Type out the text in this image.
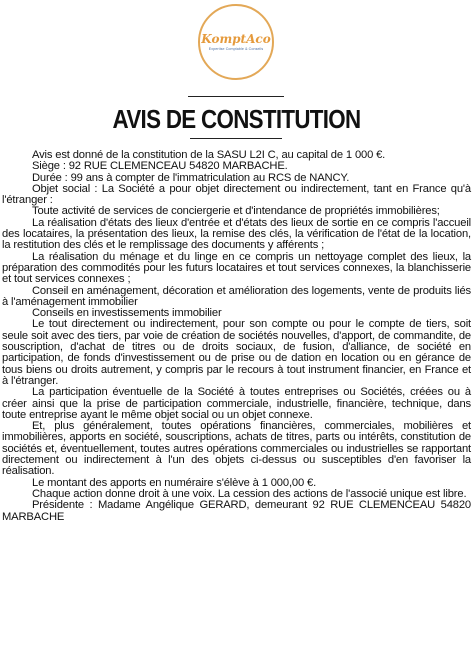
KomptAco
Expertise Comptable & Conseils
AVIS DE CONSTITUTION

Avis est donné de la constitution de la SASU L2I C, au capital de 1 000 €.

Siège : 92 RUE CLEMENCEAU 54820 MARBACHE.

Durée : 99 ans à compter de l'immatriculation au RCS de NANCY.

Objet social : La Société a pour objet directement ou indirectement, tant en France qu'à l'étranger :

Toute activité de services de conciergerie et d'intendance de propriétés immobilières;

La réalisation d'états des lieux d'entrée et d'états des lieux de sortie en ce compris l'accueil des locataires, la présentation des lieux, la remise des clés, la vérification de l'état de la location, la restitution des clés et le remplissage des documents y afférents ;

La réalisation du ménage et du linge en ce compris un nettoyage complet des lieux, la préparation des commodités pour les futurs locataires et tout services connexes, la blanchisserie et tout services connexes ;

Conseil en aménagement, décoration et amélioration des logements, vente de produits liés à l'aménagement immobilier

Conseils en investissements immobilier

Le tout directement ou indirectement, pour son compte ou pour le compte de tiers, soit seule soit avec des tiers, par voie de création de sociétés nouvelles, d'apport, de commandite, de souscription, d'achat de titres ou de droits sociaux, de fusion, d'alliance, de société en participation, de fonds d'investissement ou de prise ou de dation en location ou en gérance de tous biens ou droits autrement, y compris par le recours à tout instrument financier, en France et à l'étranger.

La participation éventuelle de la Société à toutes entreprises ou Sociétés, créées ou à créer ainsi que la prise de participation commerciale, industrielle, financière, technique, dans toute entreprise ayant le même objet social ou un objet connexe.

Et, plus généralement, toutes opérations financières, commerciales, mobilières et immobilières, apports en société, souscriptions, achats de titres, parts ou intérêts, constitution de sociétés et, éventuellement, toutes autres opérations commerciales ou industrielles se rapportant directement ou indirectement à l'un des objets ci-dessus ou susceptibles d'en favoriser la réalisation.

Le montant des apports en numéraire s'élève à 1 000,00 €.

Chaque action donne droit à une voix. La cession des actions de l'associé unique est libre.

Présidente : Madame Angélique GERARD, demeurant 92 RUE CLEMENCEAU 54820 MARBACHE
